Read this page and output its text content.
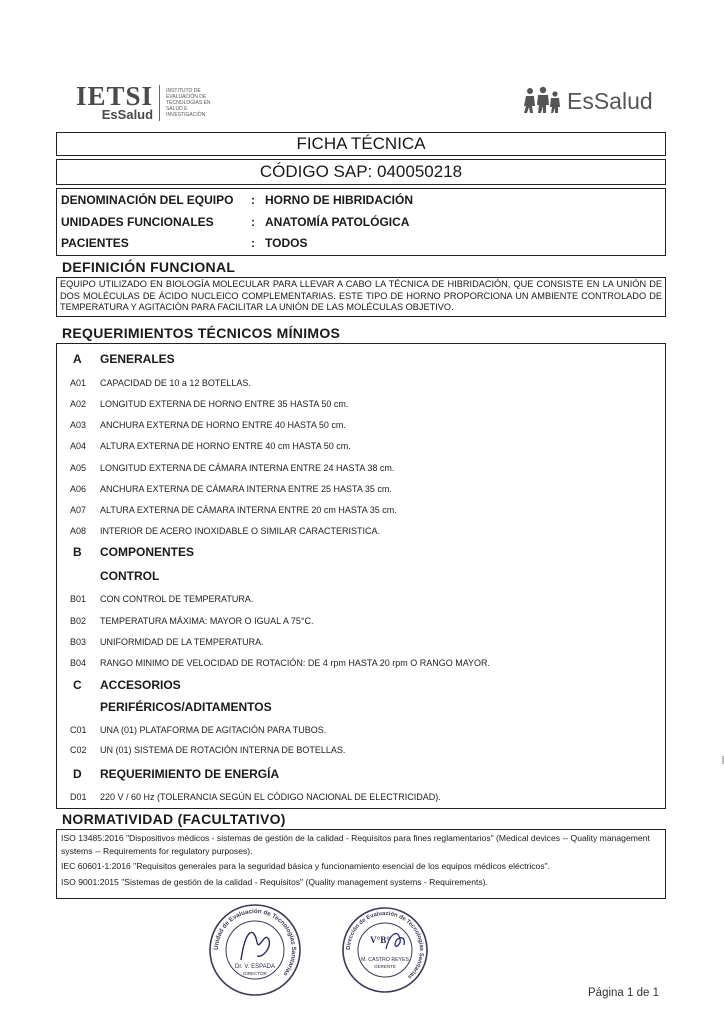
IETSI
EsSalud
INSTITUTO DE
EVALUACIÓN DE
TECNOLOGÍAS EN
SALUD E
INVESTIGACIÓN
EsSalud
FICHA TÉCNICA
CÓDIGO SAP: 040050218
DENOMINACIÓN DEL EQUIPO : HORNO DE HIBRIDACIÓN
UNIDADES FUNCIONALES	: ANATOMÍA PATOLÓGICA
PACIENTES	: TODOS
DEFINICIÓN FUNCIONAL
EQUIPO UTILIZADO EN BIOLOGÍA MOLECULAR PARA LLEVAR A CABO LA TÉCNICA DE HIBRIDACIÓN, QUE CONSISTE EN LA UNIÓN DE DOS MOLÉCULAS DE ÁCIDO NUCLEICO COMPLEMENTARIAS. ESTE TIPO DE HORNO PROPORCIONA UN AMBIENTE CONTROLADO DE TEMPERATURA Y AGITACIÓN PARA FACILITAR LA UNIÓN DE LAS MOLÉCULAS OBJETIVO.
REQUERIMIENTOS TÉCNICOS MÍNIMOS
A GENERALES
A01	CAPACIDAD DE 10 a 12 BOTELLAS.
A02	LONGITUD EXTERNA DE HORNO ENTRE 35 HASTA 50 cm.
A03	ANCHURA EXTERNA DE HORNO ENTRE 40 HASTA 50 cm.
A04	ALTURA EXTERNA DE HORNO ENTRE 40 cm HASTA 50 cm.
A05	LONGITUD EXTERNA DE CÁMARA INTERNA ENTRE 24 HASTA 38 cm.
A06	ANCHURA EXTERNA DE CÁMARA INTERNA ENTRE 25 HASTA 35 cm.
A07	ALTURA EXTERNA DE CÁMARA INTERNA ENTRE 20 cm HASTA 35 cm.
A08	INTERIOR DE ACERO INOXIDABLE O SIMILAR CARACTERISTICA.
B COMPONENTES
CONTROL
B01	CON CONTROL DE TEMPERATURA.
B02	TEMPERATURA MÁXIMA: MAYOR O IGUAL A 75°C.
B03	UNIFORMIDAD DE LA TEMPERATURA.
B04	RANGO MINIMO DE VELOCIDAD DE ROTACIÓN: DE 4 rpm HASTA 20 rpm O RANGO MAYOR.
C ACCESORIOS
PERIFÉRICOS/ADITAMENTOS
C01	UNA (01) PLATAFORMA DE AGITACIÓN PARA TUBOS.
C02	UN (01) SISTEMA DE ROTACIÓN INTERNA DE BOTELLAS.
D REQUERIMIENTO DE ENERGÍA
D01	220 V / 60 Hz (TOLERANCIA SEGÚN EL CÓDIGO NACIONAL DE ELECTRICIDAD).
NORMATIVIDAD (FACULTATIVO)
ISO 13485:2016 "Dispositivos médicos - sistemas de gestión de la calidad - Requisitos para fines reglamentarios" (Medical devices -- Quality management systems -- Requirements for regulatory purposes).
IEC 60601-1:2016 "Requisitos generales para la seguridad básica y funcionamiento esencial de los equipos médicos eléctricos".
ISO 9001:2015 "Sistemas de gestión de la calidad - Requisitos" (Quality management systems - Requirements).
Unidad de Evaluación de Tecnologías Sanitarias
Dr. V. ESPADA
DIRECTOR
Dirección de Evaluación de Tecnologías Sanitarias
V°B°
M. CASTRO REYES
GERENTE
Página 1 de 1
